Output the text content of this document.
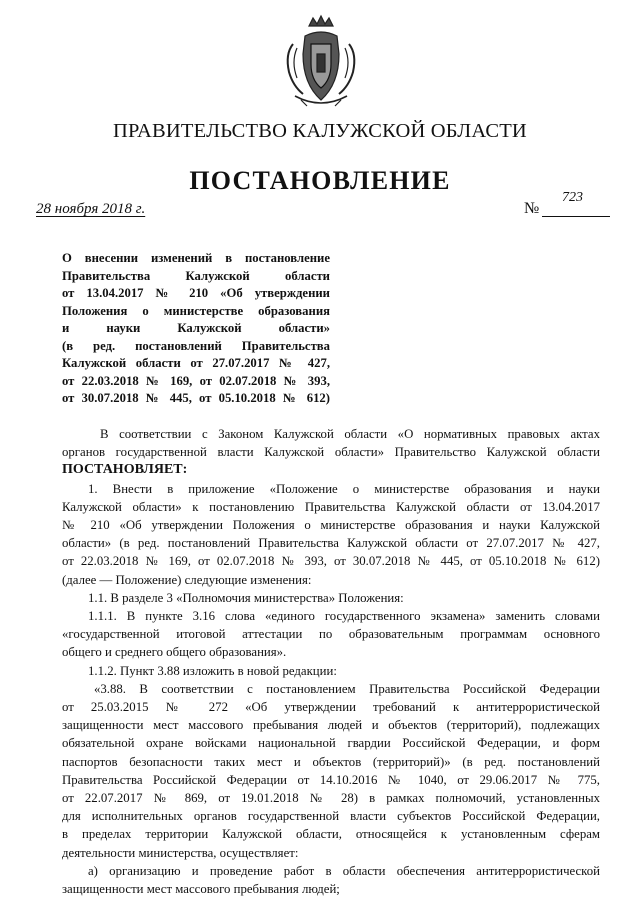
ПРАВИТЕЛЬСТВО КАЛУЖСКОЙ ОБЛАСТИ
ПОСТАНОВЛЕНИЕ
28 ноября 2018 г.	№
723
О внесении изменений в постановление
Правительства Калужской области
от 13.04.2017 № 210 «Об утверждении
Положения о министерстве образования
и науки Калужской области»
(в ред. постановлений Правительства
Калужской области от 27.07.2017 № 427,
от 22.03.2018 № 169, от 02.07.2018 № 393,
от 30.07.2018 № 445, от 05.10.2018 № 612)
В соответствии с Законом Калужской области «О нормативных правовых актах
органов государственной власти Калужской области» Правительство Калужской области
ПОСТАНОВЛЯЕТ:
1. Внести в приложение «Положение о министерстве образования и науки
Калужской области» к постановлению Правительства Калужской области от 13.04.2017
№ 210 «Об утверждении Положения о министерстве образования и науки Калужской
области» (в ред. постановлений Правительства Калужской области от 27.07.2017 № 427,
от 22.03.2018 № 169, от 02.07.2018 № 393, от 30.07.2018 № 445, от 05.10.2018 № 612)
(далее — Положение) следующие изменения:
1.1. В разделе 3 «Полномочия министерства» Положения:
1.1.1. В пункте 3.16 слова «единого государственного экзамена» заменить словами
«государственной итоговой аттестации по образовательным программам основного
общего и среднего общего образования».
1.1.2. Пункт 3.88 изложить в новой редакции:
«3.88. В соответствии с постановлением Правительства Российской Федерации
от 25.03.2015 № 272 «Об утверждении требований к антитеррористической
защищенности мест массового пребывания людей и объектов (территорий), подлежащих
обязательной охране войсками национальной гвардии Российской Федерации, и форм
паспортов безопасности таких мест и объектов (территорий)» (в ред. постановлений
Правительства Российской Федерации от 14.10.2016 № 1040, от 29.06.2017 № 775,
от 22.07.2017 № 869, от 19.01.2018 № 28) в рамках полномочий, установленных
для исполнительных органов государственной власти субъектов Российской Федерации,
в пределах территории Калужской области, относящейся к установленным сферам
деятельности министерства, осуществляет:
а) организацию и проведение работ в области обеспечения антитеррористической
защищенности мест массового пребывания людей;
